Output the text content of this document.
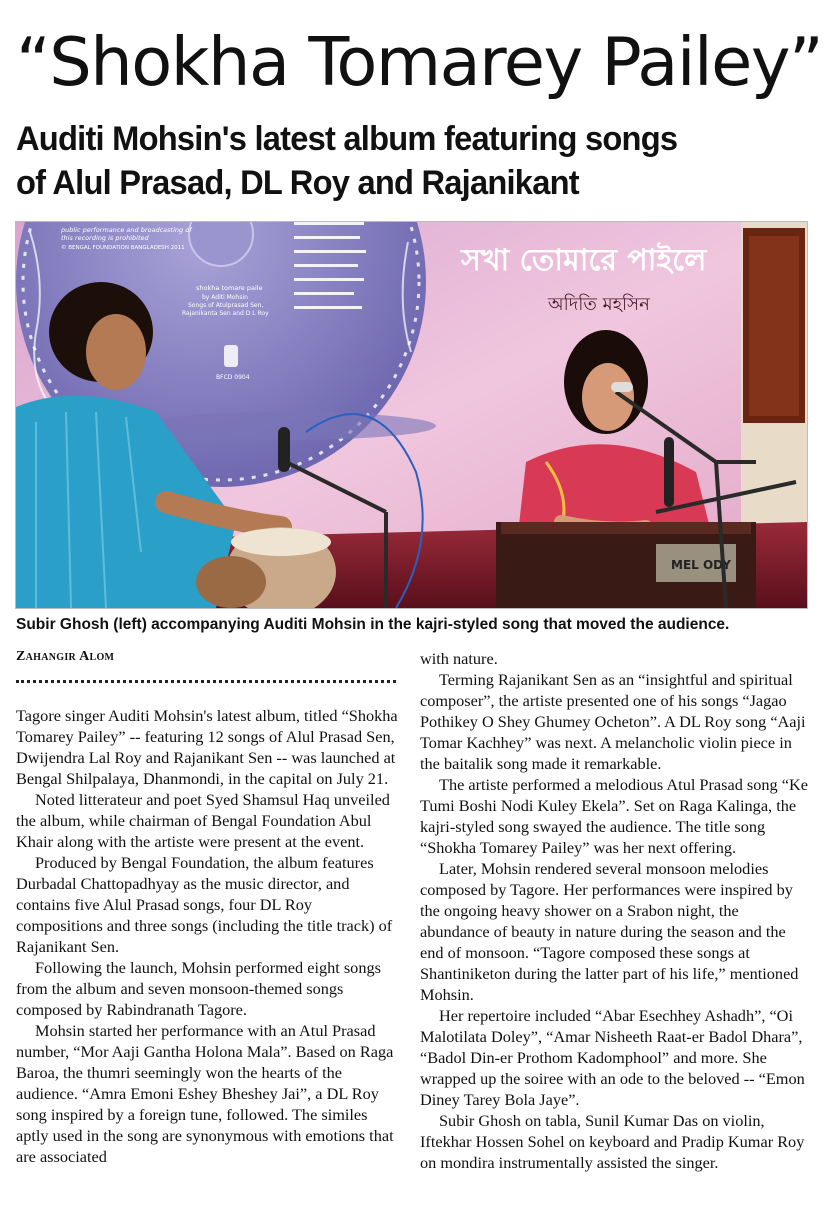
“Shokha Tomarey Pailey”
Auditi Mohsin's latest album featuring songs
of Alul Prasad, DL Roy and Rajanikant
public performance and broadcasting of
this recording is prohibited
© BENGAL FOUNDATION BANGLADESH 2011
shokha tomare paile
by Aditi Mohsin
Songs of Atulprasad Sen,
Rajanikanta Sen and D L Roy
BFCD 0904
সখা তোমারে পাইলে
অদিতি মহসিন
MEL ODY

Subir Ghosh (left) accompanying Auditi Mohsin in the kajri-styled song that moved the audience.

Zahangir Alom

Tagore singer Auditi Mohsin's latest album, titled “Shokha Tomarey Pailey” -- featuring 12 songs of Alul Prasad Sen, Dwijendra Lal Roy and Rajanikant Sen -- was launched at Bengal Shilpalaya, Dhanmondi, in the capital on July 21.

Noted litterateur and poet Syed Shamsul Haq unveiled the album, while chairman of Bengal Foundation Abul Khair along with the artiste were present at the event.

Produced by Bengal Foundation, the album features Durbadal Chattopadhyay as the music director, and contains five Alul Prasad songs, four DL Roy compositions and three songs (including the title track) of Rajanikant Sen.

Following the launch, Mohsin performed eight songs from the album and seven monsoon-themed songs composed by Rabindranath Tagore.

Mohsin started her performance with an Atul Prasad number, “Mor Aaji Gantha Holona Mala”. Based on Raga Baroa, the thumri seemingly won the hearts of the audience. “Amra Emoni Eshey Bheshey Jai”, a DL Roy song inspired by a foreign tune, followed. The similes aptly used in the song are synonymous with emotions that are associated

with nature.

Terming Rajanikant Sen as an “insightful and spiritual composer”, the artiste presented one of his songs “Jagao Pothikey O Shey Ghumey Ocheton”. A DL Roy song “Aaji Tomar Kachhey” was next. A melancholic violin piece in the baitalik song made it remarkable.

The artiste performed a melodious Atul Prasad song “Ke Tumi Boshi Nodi Kuley Ekela”. Set on Raga Kalinga, the kajri-styled song swayed the audience. The title song “Shokha Tomarey Pailey” was her next offering.

Later, Mohsin rendered several monsoon melodies composed by Tagore. Her performances were inspired by the ongoing heavy shower on a Srabon night, the abundance of beauty in nature during the season and the end of monsoon. “Tagore composed these songs at Shantiniketon during the latter part of his life,” mentioned Mohsin.

Her repertoire included “Abar Esechhey Ashadh”, “Oi Malotilata Doley”, “Amar Nisheeth Raat-er Badol Dhara”, “Badol Din-er Prothom Kadomphool” and more. She wrapped up the soiree with an ode to the beloved -- “Emon Diney Tarey Bola Jaye”.

Subir Ghosh on tabla, Sunil Kumar Das on violin, Iftekhar Hossen Sohel on keyboard and Pradip Kumar Roy on mondira instrumentally assisted the singer.
